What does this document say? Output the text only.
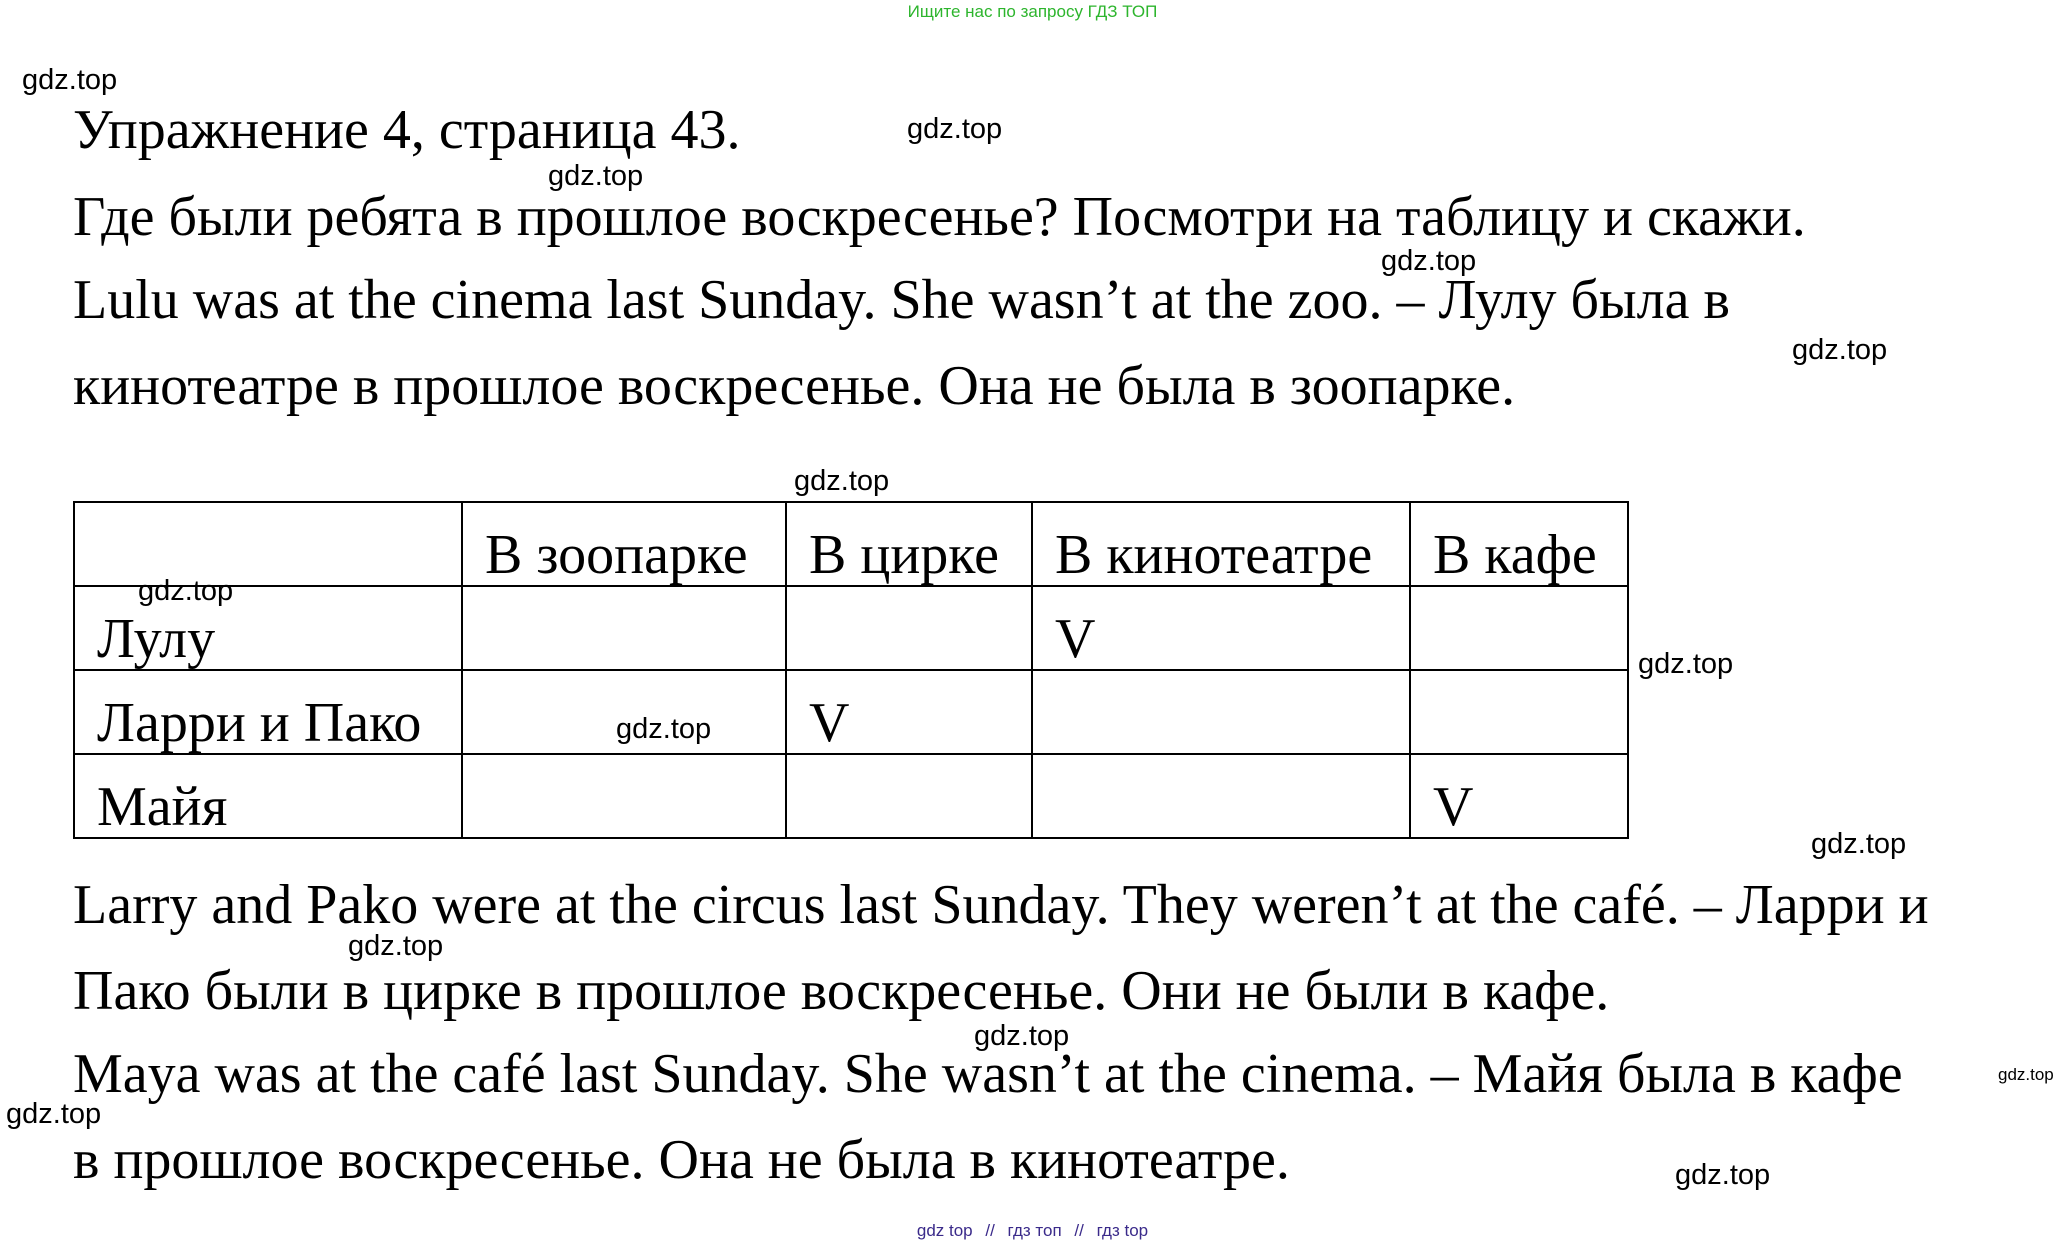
Ищите нас по запросу ГДЗ ТОП
gdz.top
gdz.top
gdz.top
gdz.top
gdz.top
gdz.top
gdz.top
gdz.top
gdz.top
gdz.top
gdz.top
gdz.top
gdz.top
gdz.top
gdz.top
Упражнение 4, страница 43.
Где были ребята в прошлое воскресенье? Посмотри на таблицу и скажи.
Lulu was at the cinema last Sunday. She wasn’t at the zoo. – Лулу была в
кинотеатре в прошлое воскресенье. Она не была в зоопарке.
	В зоопарке	В цирке	В кинотеатре	В кафе
Лулу			V	
Ларри и Пако		V		
Майя				V
Larry and Pako were at the circus last Sunday. They weren’t at the café. – Ларри и
Пако были в цирке в прошлое воскресенье. Они не были в кафе.
Maya was at the café last Sunday. She wasn’t at the cinema. – Майя была в кафе
в прошлое воскресенье. Она не была в кинотеатре.
gdz top // гдз топ // гдз top
